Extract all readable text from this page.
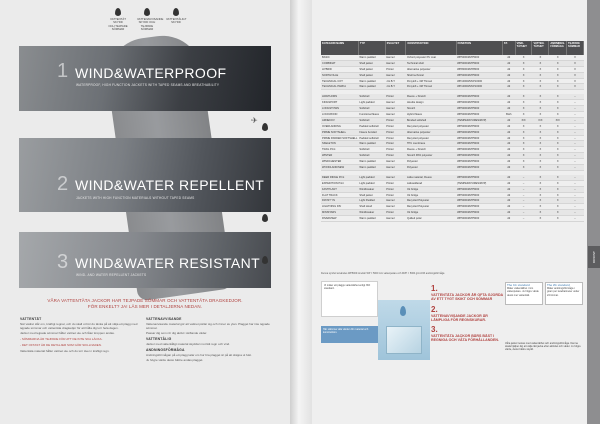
VATTENTÄT SKYDD
OCH TEJPADE
SÖMMAR
VATTENAVVISANDE
SKYDD OCH
TEJPADE SÖMMAR
VATTENTÅLIGT
SKYDD
1 WIND&WATERPROOF
WATERPROOF, HIGH FUNCTION JACKETS WITH TAPED SEAMS AND BREATHABILITY
✈
2 WIND&WATER REPELLENT
JACKETS WITH HIGH FUNCTION MATERIALS WITHOUT TAPED SEAMS
3 WIND&WATER RESISTANT
WIND- AND WATER REPELLENT JACKETS
VÅRA VATTENTÄTA JACKOR HAR TEJPADE SÖMMAR OCH VATTENTÄTA DRAGKEDJOR.
FÖR ENKELT? JA! LÄS MER I DETALJERNA NEDAN.
VATTENTÄT

När vädret slår om, kraftigt regnar, och du skall ut bör du tänka på att välja ett plagg med tejpade sömmar och vattentäta dragkedjor för att hålla dig torr hela dagen.

Jackor med tejpade sömmar håller vattnet ute och låter kroppen andas.

- SÖMMARNA ÄR TEJPADE FÖR ATT DE INTE SKA LÄCKA.

- DET OFTAST ÄR DE DETALJER SOM GÖR SKILLNADEN.

Vattentäta material håller vattnet ute och du torr även i kraftigt regn.

VATTENAVVISANDE

Vattenavvisande material gör att vattnet pärlar sig och rinner av ytan. Plagget har inte tejpade sömmar.

Passar dig som rör dig aktivt i skiftande väder.

VATTENTÅLIG

Jackor med vattentåligt material skyddar mot lätt regn och vind.

ANDNINGSFÖRMÅGA

Andningsförmågan på ett plagg talar om hur bra plagget är på att släppa ut fukt.

Ju högre värde desto bättre andas plagget.

KATEGORI NAMN	TYP	KVALITET	KONSTRUKTION	FUNKTION	ST.	VIND-TÄTHET	VATTEN-TÄTHET	ANDNINGS-FÖRMÅGA	TEJPADE SÖMMAR
BASIC	Warm padded	Hannel	Oxford polyester PU coat	WP5000/MVP5000	2d	X	X	X	X
COMBINAT	Shell jacket	Hannel	Technical shell	WP5000/MVP5000	2d	X	X	X	X
HYBRID	Shell jacket	Printer	Alternative polyester	WP8000/MVP8000	2d	X	X	X	X
NORTHVILLE	Shell jacket	Hannel	Shell technical	WP5000/MVP5000	2d	X	X	X	X
TECHNICAL COT	Warm padded	J.H.B.T.	Ponyloft + 3M Thinsul	WP10000/MVP10000	2d	X	X	X	X
TECHNICAL PARKA	Warm padded	J.H.B.T.	Ponyloft + 3M Thinsul	WP10000/MVP10000	2d	X	X	X	X

HAWTHORN	Softshell	Printer	Fleece + Stretch	WP5000/MVP5000	2d	X	X	X	–
KINGSPORT	Light padded	Hannel	Hoodie design	WP5000/MVP5000	2d	X	X	X	–
LONGSTOWN	Softshell	Hannel	Stretch	WP5000/MVP5000	2d	X	X	X	–
LOCKWOOD	Functional fleece	Hannel	Hybrid fleece	WP5000/MVP5000	Both	X	X	X	–
ARNEKOV	Softshell	Printer	Bonded softshell	(TEMPERATURES/MVP)	2d	X/X	X/X	X/X	–
OVERLANDING	Padded softshell	Printer	Recycled polyester	WP5000/MVP5000	2d	X	X	X	–
PRIME SOFTSHELL	Fleece bonded	Printer	Alternative polyester	WP5000/MVP5000	2d	X	X	X	–
PRIME PADDED SOFTSHELL	Padded softshell	Printer	Recycled polyester	WP5000/MVP5000	2d	X	X	X	–
SKELETON	Warm padded	Printer	TPU membrane	WP5000/MVP5000	2d	X	X	X	–
TRAIL Print	Softshell	Printer	Fleece + Stretch	WP5000/MVP5000	2d	X	X	X	–
WINTER	Softshell	Printer	Stretch 96% polyester	WP5000/MVP5000	2d	X	X	X	–
WINDCHESTER	Warm padded	Hannel	Polyester	WP5000/MVP5000	2d	X	X	X	–
WOODLAND/NEW	Warm padded	Hannel	Polyester	WP5000/MVP5000	2d	X	X	X	–

DEER RIDGE Print	Light padded	Hannel	Lätta material, Fleece	WP5000/MVP5000	2d	–	X	X	–
EXPEDITION Print	Light padded	Printer	Lättvadderad	(TEMPERATURES/MVP)	2d	–	X	X	–
FASTPLANT	Windbreaker	Printer	Ok bridge	WP5000/MVP5000	2d	–	X	X	–
FLAT TRACK	Shell jacket	Printer	Ok bridge	WP5000/MVP5000	2d	–	X	X	–
FROST YN	Light Padded	Hannel	Recycled Polyester	WP5000/MVP5000	2d	–	X	X	–
LIGHTNING DIV	Shell Hood	Hannel	Recycled Polyester	WP5000/MVP5000	2d	–	X	X	–
MINISTARS	Windbreaker	Printer	Ok bridge	WP5000/MVP5000	2d	–	X	X	–
RIVERVIEW	Warm padded	Hannel	Quilted polar	WP5000/MVP5000	2d	–	X	X	–
Denna symbol användes WP5000 innebär WP = 5000 mm vattenpelare och MVP = 5000 g/m²/24h andningsförmåga
Vi mäter ett plaggs vattentäthet enligt ISO standard.
Här stämmer alla värden för material och konstruktion.
1.
VATTENTÄTA JACKOR ÄR OFTA GJORDA AV ETT TYGT SKIKT OCH SÖMMAR
2.
VATTENAVVISANDE JACKOR ÄR LÄMPLIGA FÖR REGNSKURAR.
3.
VATTENTÄTA JACKOR BÄRS BÄST I REGNIGA OCH VÅTA FÖRHÅLLANDEN.
The 1G standard
Mäter vattentäthet i mm vattenpelare. Ju högre värde desto mer vattentätt.
The 2G standard
Mäter andningsförmåga i gram per kvadratmeter under 24 timmar.
Våra jackor testas med vattentäthet och andningsförmåga. Denna skala hjälper dig att välja rätt jacka efter aktivitet och väder. Ju högre värde, desto bättre skydd.
JACKOR
